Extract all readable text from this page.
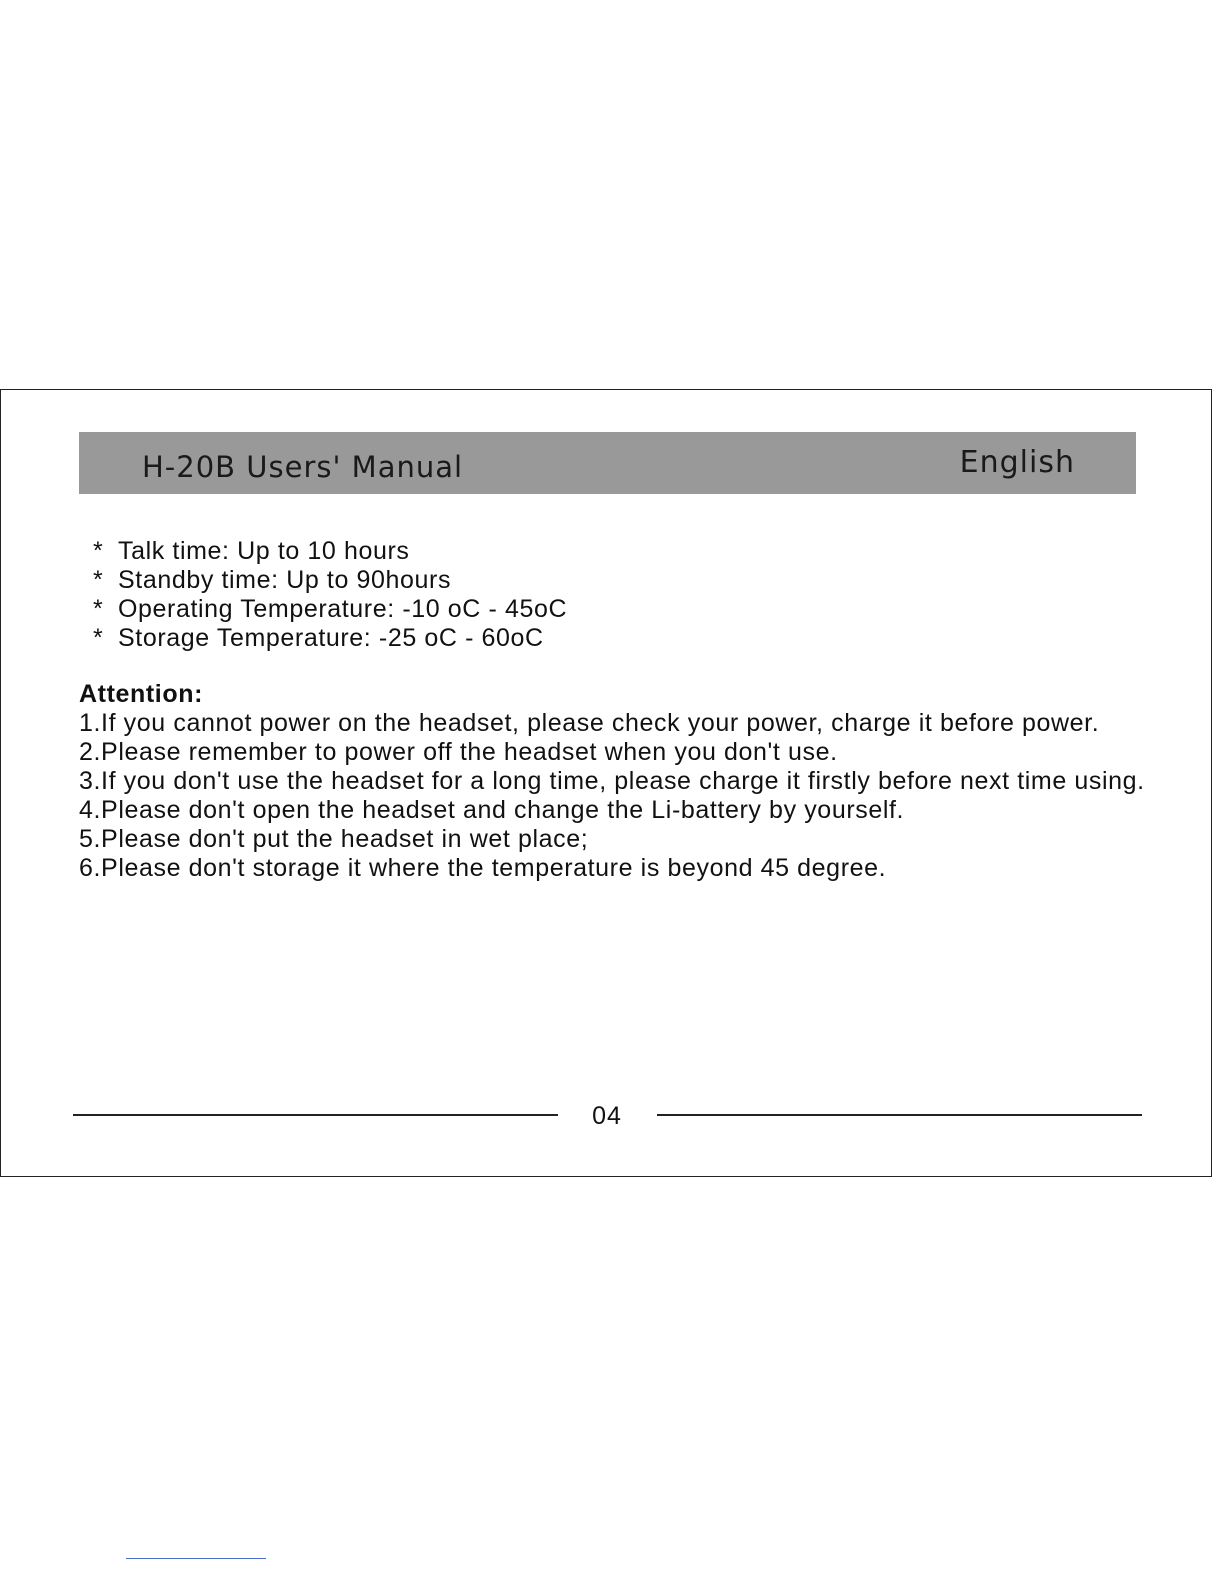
H-20B Users' Manual	English
* Talk time: Up to 10 hours
* Standby time: Up to 90hours
* Operating Temperature: -10 oC - 45oC
* Storage Temperature: -25 oC - 60oC

Attention:

1.If you cannot power on the headset, please check your power, charge it before power.
2.Please remember to power off the headset when you don't use.
3.If you don't use the headset for a long time, please charge it firstly before next time using.
4.Please don't open the headset and change the Li-battery by yourself.
5.Please don't put the headset in wet place;
6.Please don't storage it where the temperature is beyond 45 degree.
04
